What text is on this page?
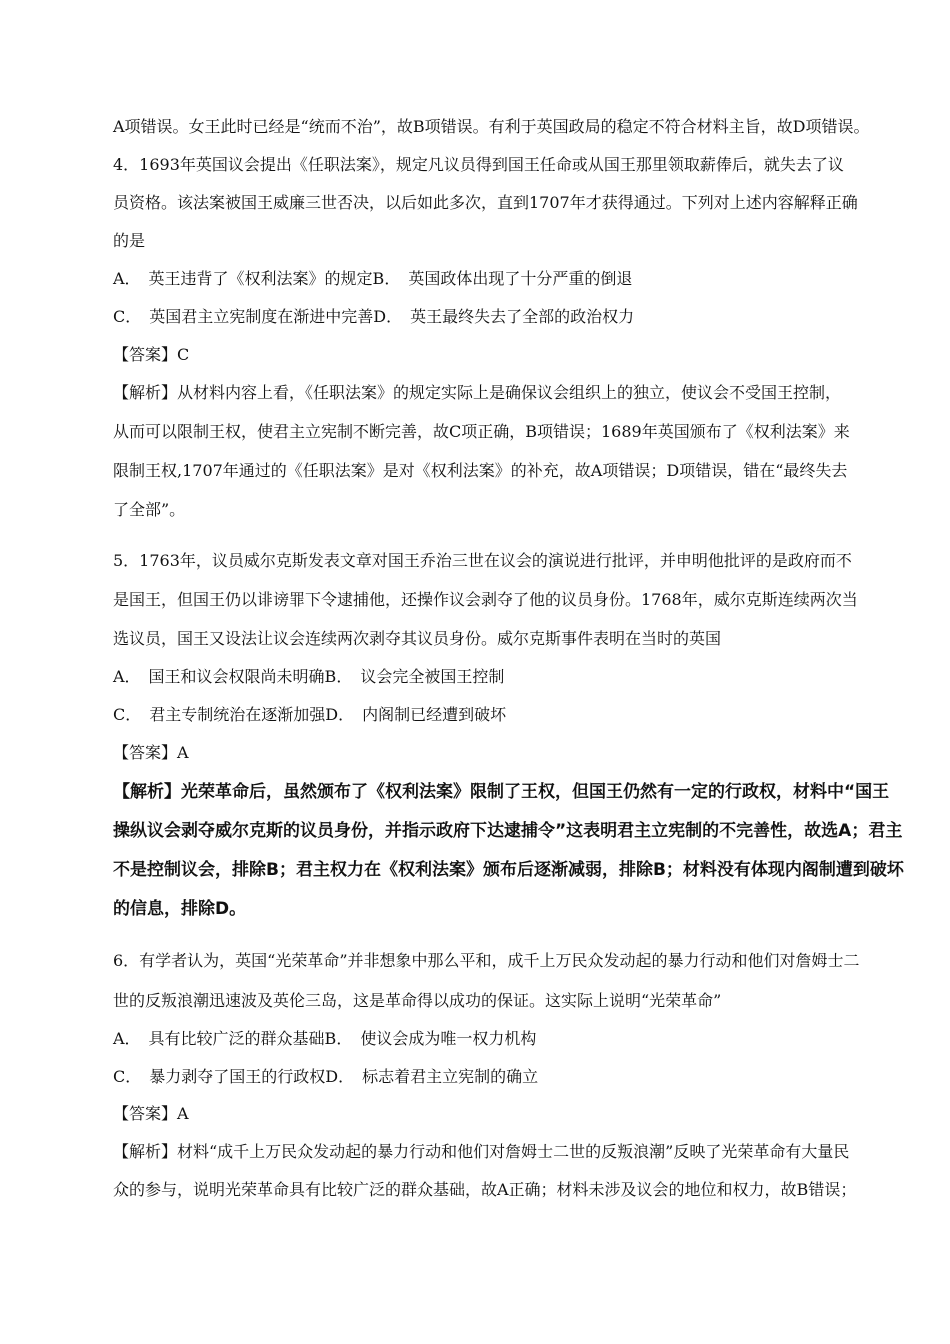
A项错误。女王此时已经是“统而不治”，故B项错误。有利于英国政局的稳定不符合材料主旨，故D项错误。
4．1693年英国议会提出《任职法案》，规定凡议员得到国王任命或从国王那里领取薪俸后，就失去了议
员资格。该法案被国王威廉三世否决，以后如此多次，直到1707年才获得通过。下列对上述内容解释正确
的是
A．　英王违背了《权利法案》的规定B．　英国政体出现了十分严重的倒退
C．　英国君主立宪制度在渐进中完善D．　英王最终失去了全部的政治权力
【答案】C
【解析】从材料内容上看，《任职法案》的规定实际上是确保议会组织上的独立，使议会不受国王控制，
从而可以限制王权，使君主立宪制不断完善，故C项正确，B项错误；1689年英国颁布了《权利法案》来
限制王权,1707年通过的《任职法案》是对《权利法案》的补充，故A项错误；D项错误，错在“最终失去
了全部”。
5．1763年，议员威尔克斯发表文章对国王乔治三世在议会的演说进行批评，并申明他批评的是政府而不
是国王，但国王仍以诽谤罪下令逮捕他，还操作议会剥夺了他的议员身份。1768年，威尔克斯连续两次当
选议员，国王又设法让议会连续两次剥夺其议员身份。威尔克斯事件表明在当时的英国
A．　国王和议会权限尚未明确B．　议会完全被国王控制
C．　君主专制统治在逐渐加强D．　内阁制已经遭到破坏
【答案】A
【解析】光荣革命后，虽然颁布了《权利法案》限制了王权，但国王仍然有一定的行政权，材料中“国王
操纵议会剥夺威尔克斯的议员身份，并指示政府下达逮捕令”这表明君主立宪制的不完善性，故选A；君主
不是控制议会，排除B；君主权力在《权利法案》颁布后逐渐减弱，排除B；材料没有体现内阁制遭到破坏
的信息，排除D。
6．有学者认为，英国“光荣革命”并非想象中那么平和，成千上万民众发动起的暴力行动和他们对詹姆士二
世的反叛浪潮迅速波及英伦三岛，这是革命得以成功的保证。这实际上说明“光荣革命”
A．　具有比较广泛的群众基础B．　使议会成为唯一权力机构
C．　暴力剥夺了国王的行政权D．　标志着君主立宪制的确立
【答案】A
【解析】材料“成千上万民众发动起的暴力行动和他们对詹姆士二世的反叛浪潮”反映了光荣革命有大量民
众的参与，说明光荣革命具有比较广泛的群众基础，故A正确；材料未涉及议会的地位和权力，故B错误；
